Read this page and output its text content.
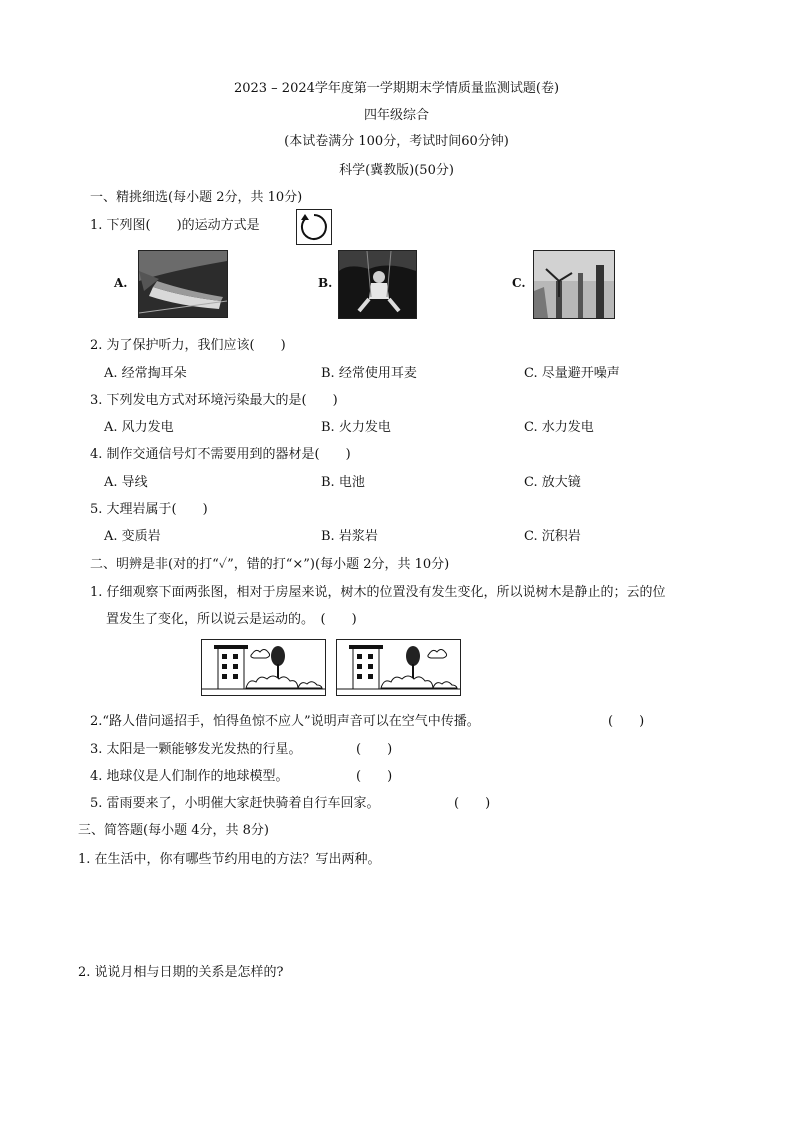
2023 – 2024学年度第一学期期末学情质量监测试题(卷)
四年级综合
(本试卷满分 100分，考试时间60分钟)
科学(冀教版)(50分)
一、精挑细选(每小题 2分，共 10分)
1. 下列图(　　)的运动方式是
A.	B.	C.
2. 为了保护听力，我们应该(　　)
A. 经常掏耳朵	B. 经常使用耳麦	C. 尽量避开噪声
3. 下列发电方式对环境污染最大的是(　　)
A. 风力发电	B. 火力发电	C. 水力发电
4. 制作交通信号灯不需要用到的器材是(　　)
A. 导线	B. 电池	C. 放大镜
5. 大理岩属于(　　)
A. 变质岩	B. 岩浆岩	C. 沉积岩
二、明辨是非(对的打“✓”，错的打“×”)(每小题 2分，共 10分)
1. 仔细观察下面两张图，相对于房屋来说，树木的位置没有发生变化，所以说树木是静止的；云的位
置发生了变化，所以说云是运动的。　(　　)
2.“路人借问遥招手，怕得鱼惊不应人”说明声音可以在空气中传播。	(　　)
3. 太阳是一颗能够发光发热的行星。	(　　)
4. 地球仪是人们制作的地球模型。	(　　)
5. 雷雨要来了，小明催大家赶快骑着自行车回家。	(　　)
三、简答题(每小题 4分，共 8分)
1. 在生活中，你有哪些节约用电的方法？写出两种。
2. 说说月相与日期的关系是怎样的?
